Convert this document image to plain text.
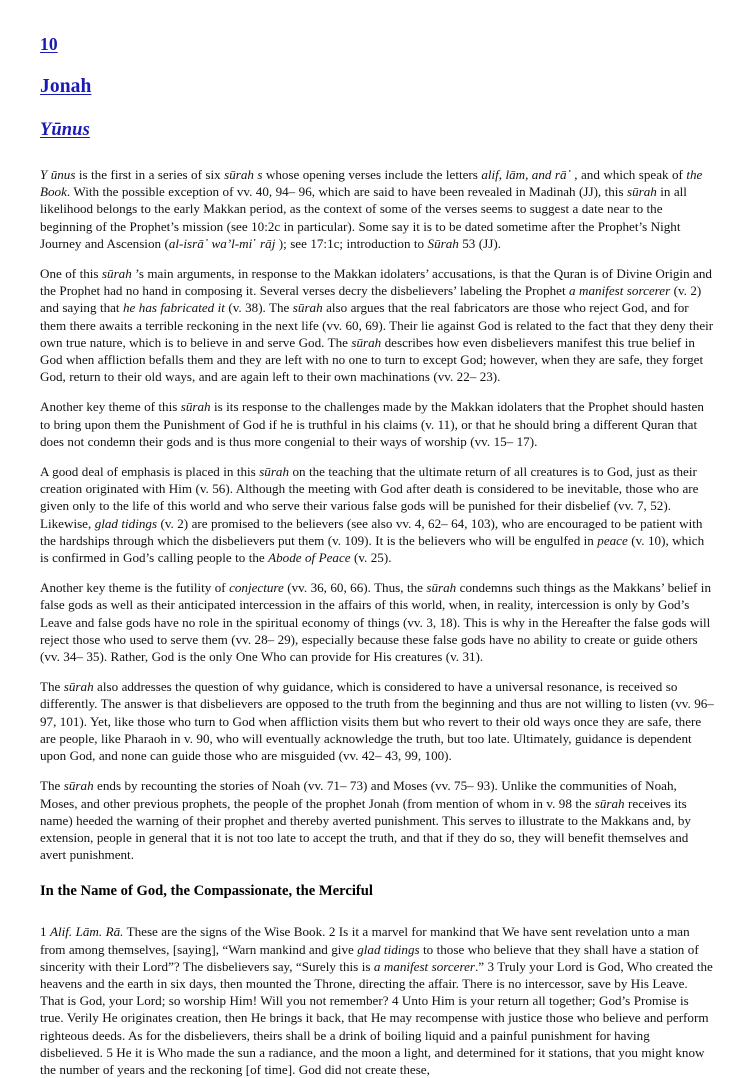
10
Jonah
Yūnus

Y ūnus is the first in a series of six sūrah s whose opening verses include the letters alif, lām, and rā᾽ , and which speak of the Book. With the possible exception of vv. 40, 94– 96, which are said to have been revealed in Madinah (JJ), this sūrah in all likelihood belongs to the early Makkan period, as the context of some of the verses seems to suggest a date near to the beginning of the Prophet’s mission (see 10:2c in particular). Some say it is to be dated sometime after the Prophet’s Night Journey and Ascension (al-isrā᾽ wa’l-mi῾ rāj ); see 17:1c; introduction to Sūrah 53 (JJ).

One of this sūrah ’s main arguments, in response to the Makkan idolaters’ accusations, is that the Quran is of Divine Origin and the Prophet had no hand in composing it. Several verses decry the disbelievers’ labeling the Prophet a manifest sorcerer (v. 2) and saying that he has fabricated it (v. 38). The sūrah also argues that the real fabricators are those who reject God, and for them there awaits a terrible reckoning in the next life (vv. 60, 69). Their lie against God is related to the fact that they deny their own true nature, which is to believe in and serve God. The sūrah describes how even disbelievers manifest this true belief in God when affliction befalls them and they are left with no one to turn to except God; however, when they are safe, they forget God, return to their old ways, and are again left to their own machinations (vv. 22– 23).

Another key theme of this sūrah is its response to the challenges made by the Makkan idolaters that the Prophet should hasten to bring upon them the Punishment of God if he is truthful in his claims (v. 11), or that he should bring a different Quran that does not condemn their gods and is thus more congenial to their ways of worship (vv. 15– 17).

A good deal of emphasis is placed in this sūrah on the teaching that the ultimate return of all creatures is to God, just as their creation originated with Him (v. 56). Although the meeting with God after death is considered to be inevitable, those who are given only to the life of this world and who serve their various false gods will be punished for their disbelief (vv. 7, 52). Likewise, glad tidings (v. 2) are promised to the believers (see also vv. 4, 62– 64, 103), who are encouraged to be patient with the hardships through which the disbelievers put them (v. 109). It is the believers who will be engulfed in peace (v. 10), which is confirmed in God’s calling people to the Abode of Peace (v. 25).

Another key theme is the futility of conjecture (vv. 36, 60, 66). Thus, the sūrah condemns such things as the Makkans’ belief in false gods as well as their anticipated intercession in the affairs of this world, when, in reality, intercession is only by God’s Leave and false gods have no role in the spiritual economy of things (vv. 3, 18). This is why in the Hereafter the false gods will reject those who used to serve them (vv. 28– 29), especially because these false gods have no ability to create or guide others (vv. 34– 35). Rather, God is the only One Who can provide for His creatures (v. 31).

The sūrah also addresses the question of why guidance, which is considered to have a universal resonance, is received so differently. The answer is that disbelievers are opposed to the truth from the beginning and thus are not willing to listen (vv. 96– 97, 101). Yet, like those who turn to God when affliction visits them but who revert to their old ways once they are safe, there are people, like Pharaoh in v. 90, who will eventually acknowledge the truth, but too late. Ultimately, guidance is dependent upon God, and none can guide those who are misguided (vv. 42– 43, 99, 100).

The sūrah ends by recounting the stories of Noah (vv. 71– 73) and Moses (vv. 75– 93). Unlike the communities of Noah, Moses, and other previous prophets, the people of the prophet Jonah (from mention of whom in v. 98 the sūrah receives its name) heeded the warning of their prophet and thereby averted punishment. This serves to illustrate to the Makkans and, by extension, people in general that it is not too late to accept the truth, and that if they do so, they will benefit themselves and avert punishment.

In the Name of God, the Compassionate, the Merciful

1 Alif. Lām. Rā. These are the signs of the Wise Book. 2 Is it a marvel for mankind that We have sent revelation unto a man from among themselves, [saying], “Warn mankind and give glad tidings to those who believe that they shall have a station of sincerity with their Lord”? The disbelievers say, “Surely this is a manifest sorcerer.” 3 Truly your Lord is God, Who created the heavens and the earth in six days, then mounted the Throne, directing the affair. There is no intercessor, save by His Leave. That is God, your Lord; so worship Him! Will you not remember? 4 Unto Him is your return all together; God’s Promise is true. Verily He originates creation, then He brings it back, that He may recompense with justice those who believe and perform righteous deeds. As for the disbelievers, theirs shall be a drink of boiling liquid and a painful punishment for having disbelieved. 5 He it is Who made the sun a radiance, and the moon a light, and determined for it stations, that you might know the number of years and the reckoning [of time]. God did not create these,
